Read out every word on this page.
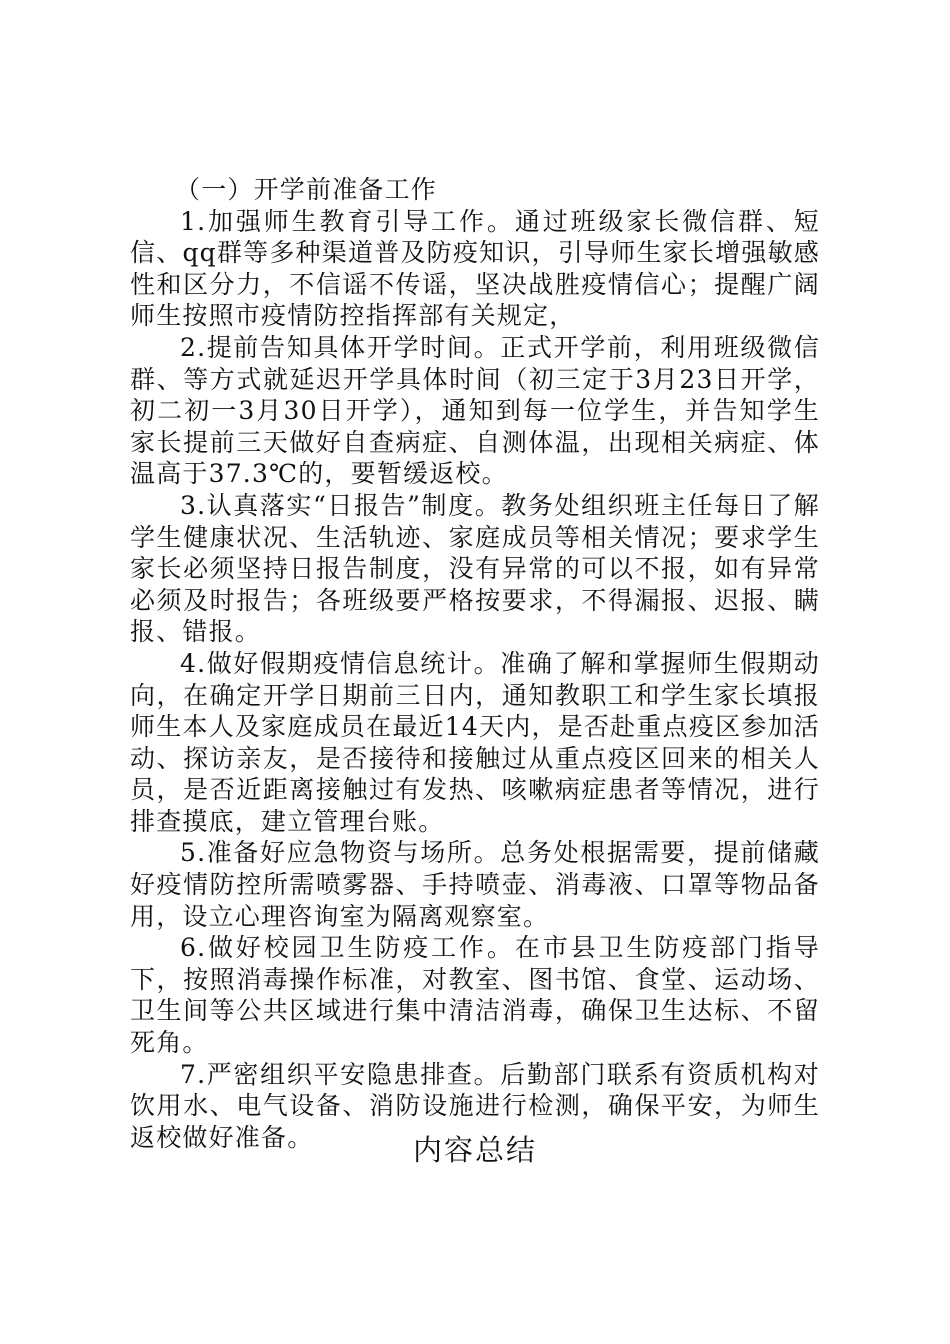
（一）开学前准备工作

1.加强师生教育引导工作。通过班级家长微信群、短信、qq群等多种渠道普及防疫知识，引导师生家长增强敏感性和区分力，不信谣不传谣，坚决战胜疫情信心；提醒广阔师生按照市疫情防控指挥部有关规定，

2.提前告知具体开学时间。正式开学前，利用班级微信群、等方式就延迟开学具体时间（初三定于3月23日开学，初二初一3月30日开学），通知到每一位学生，并告知学生家长提前三天做好自查病症、自测体温，出现相关病症、体温高于37.3℃的，要暂缓返校。

3.认真落实“日报告”制度。教务处组织班主任每日了解学生健康状况、生活轨迹、家庭成员等相关情况；要求学生家长必须坚持日报告制度，没有异常的可以不报，如有异常必须及时报告；各班级要严格按要求，不得漏报、迟报、瞒报、错报。

4.做好假期疫情信息统计。准确了解和掌握师生假期动向，在确定开学日期前三日内，通知教职工和学生家长填报师生本人及家庭成员在最近14天内，是否赴重点疫区参加活动、探访亲友，是否接待和接触过从重点疫区回来的相关人员，是否近距离接触过有发热、咳嗽病症患者等情况，进行排查摸底，建立管理台账。

5.准备好应急物资与场所。总务处根据需要，提前储藏好疫情防控所需喷雾器、手持喷壶、消毒液、口罩等物品备用，设立心理咨询室为隔离观察室。

6.做好校园卫生防疫工作。在市县卫生防疫部门指导下，按照消毒操作标准，对教室、图书馆、食堂、运动场、卫生间等公共区域进行集中清洁消毒，确保卫生达标、不留死角。

7.严密组织平安隐患排查。后勤部门联系有资质机构对饮用水、电气设备、消防设施进行检测，确保平安，为师生返校做好准备。	内容总结
